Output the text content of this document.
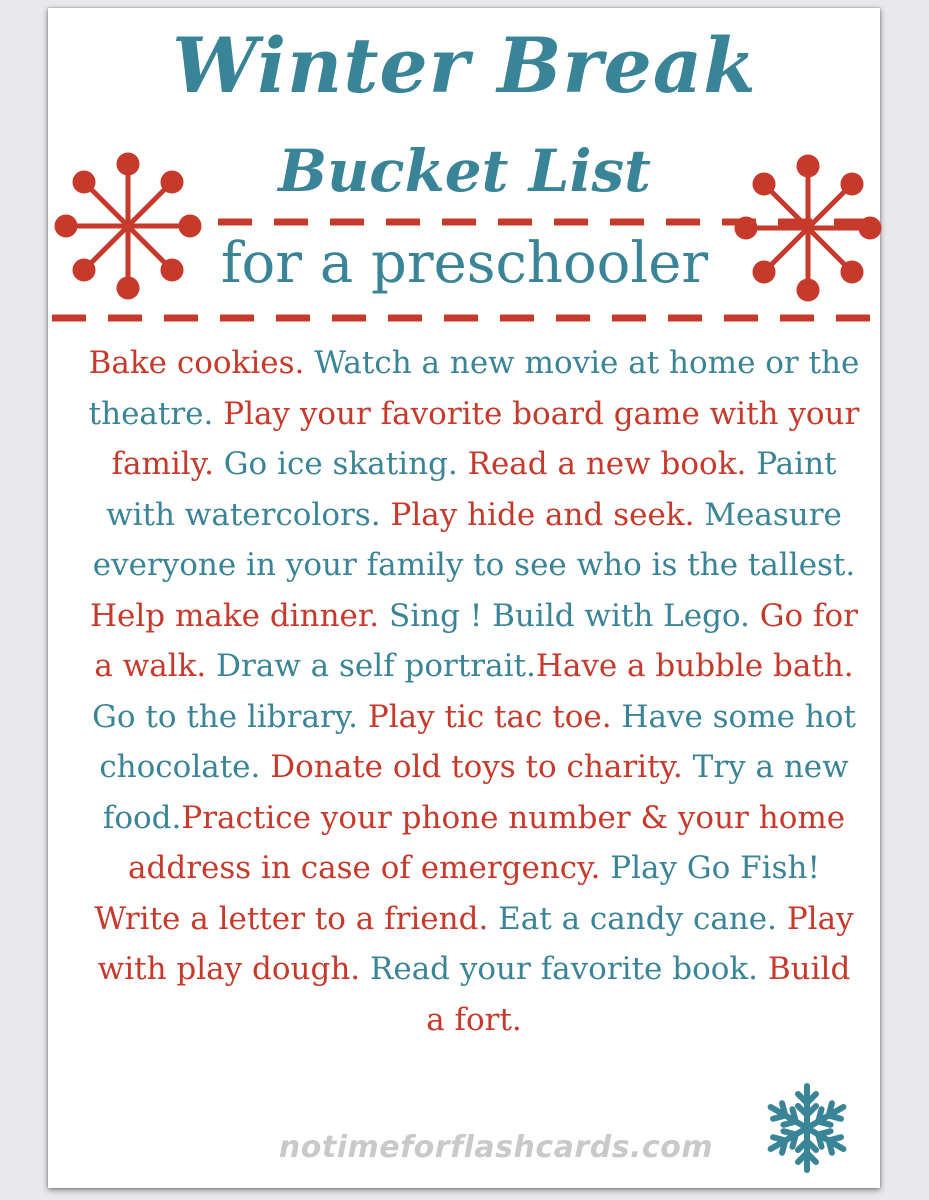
Winter Break
Bucket List
for a preschooler
Bake cookies. Watch a new movie at home or the theatre. Play your favorite board game with your family. Go ice skating. Read a new book. Paint with watercolors. Play hide and seek. Measure everyone in your family to see who is the tallest. Help make dinner. Sing ! Build with Lego. Go for a walk. Draw a self portrait.Have a bubble bath. Go to the library. Play tic tac toe. Have some hot chocolate. Donate old toys to charity. Try a new food.Practice your phone number & your home address in case of emergency. Play Go Fish! Write a letter to a friend. Eat a candy cane. Play with play dough. Read your favorite book. Build a fort.
notimeforflashcards.com
